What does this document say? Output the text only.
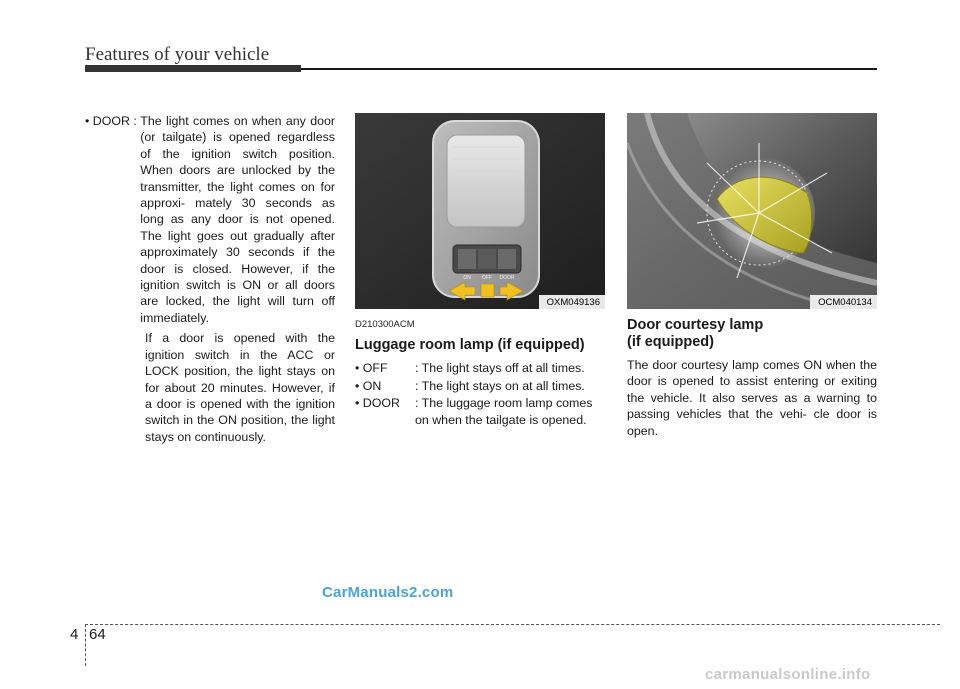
Features of your vehicle
• DOOR : The light comes on when any door (or tailgate) is opened regardless of the ignition switch position. When doors are unlocked by the transmitter, the light comes on for approxi- mately 30 seconds as long as any door is not opened. The light goes out gradually after approximately 30 seconds if the door is closed. However, if the ignition switch is ON or all doors are locked, the light will turn off immediately.
If a door is opened with the ignition switch in the ACC or LOCK position, the light stays on for about 20 minutes. However, if a door is opened with the ignition switch in the ON position, the light stays on continuously.
ON OFF DOOR
OXM049136
D210300ACM
Luggage room lamp (if equipped)
• OFF	: The light stays off at all times.
• ON	: The light stays on at all times.
• DOOR	: The luggage room lamp comes on when the tailgate is opened.
OCM040134
Door courtesy lamp
(if equipped)
The door courtesy lamp comes ON when the door is opened to assist entering or exiting the vehicle. It also serves as a warning to passing vehicles that the vehi- cle door is open.
CarManuals2.com
4 64
carmanualsonline.info
